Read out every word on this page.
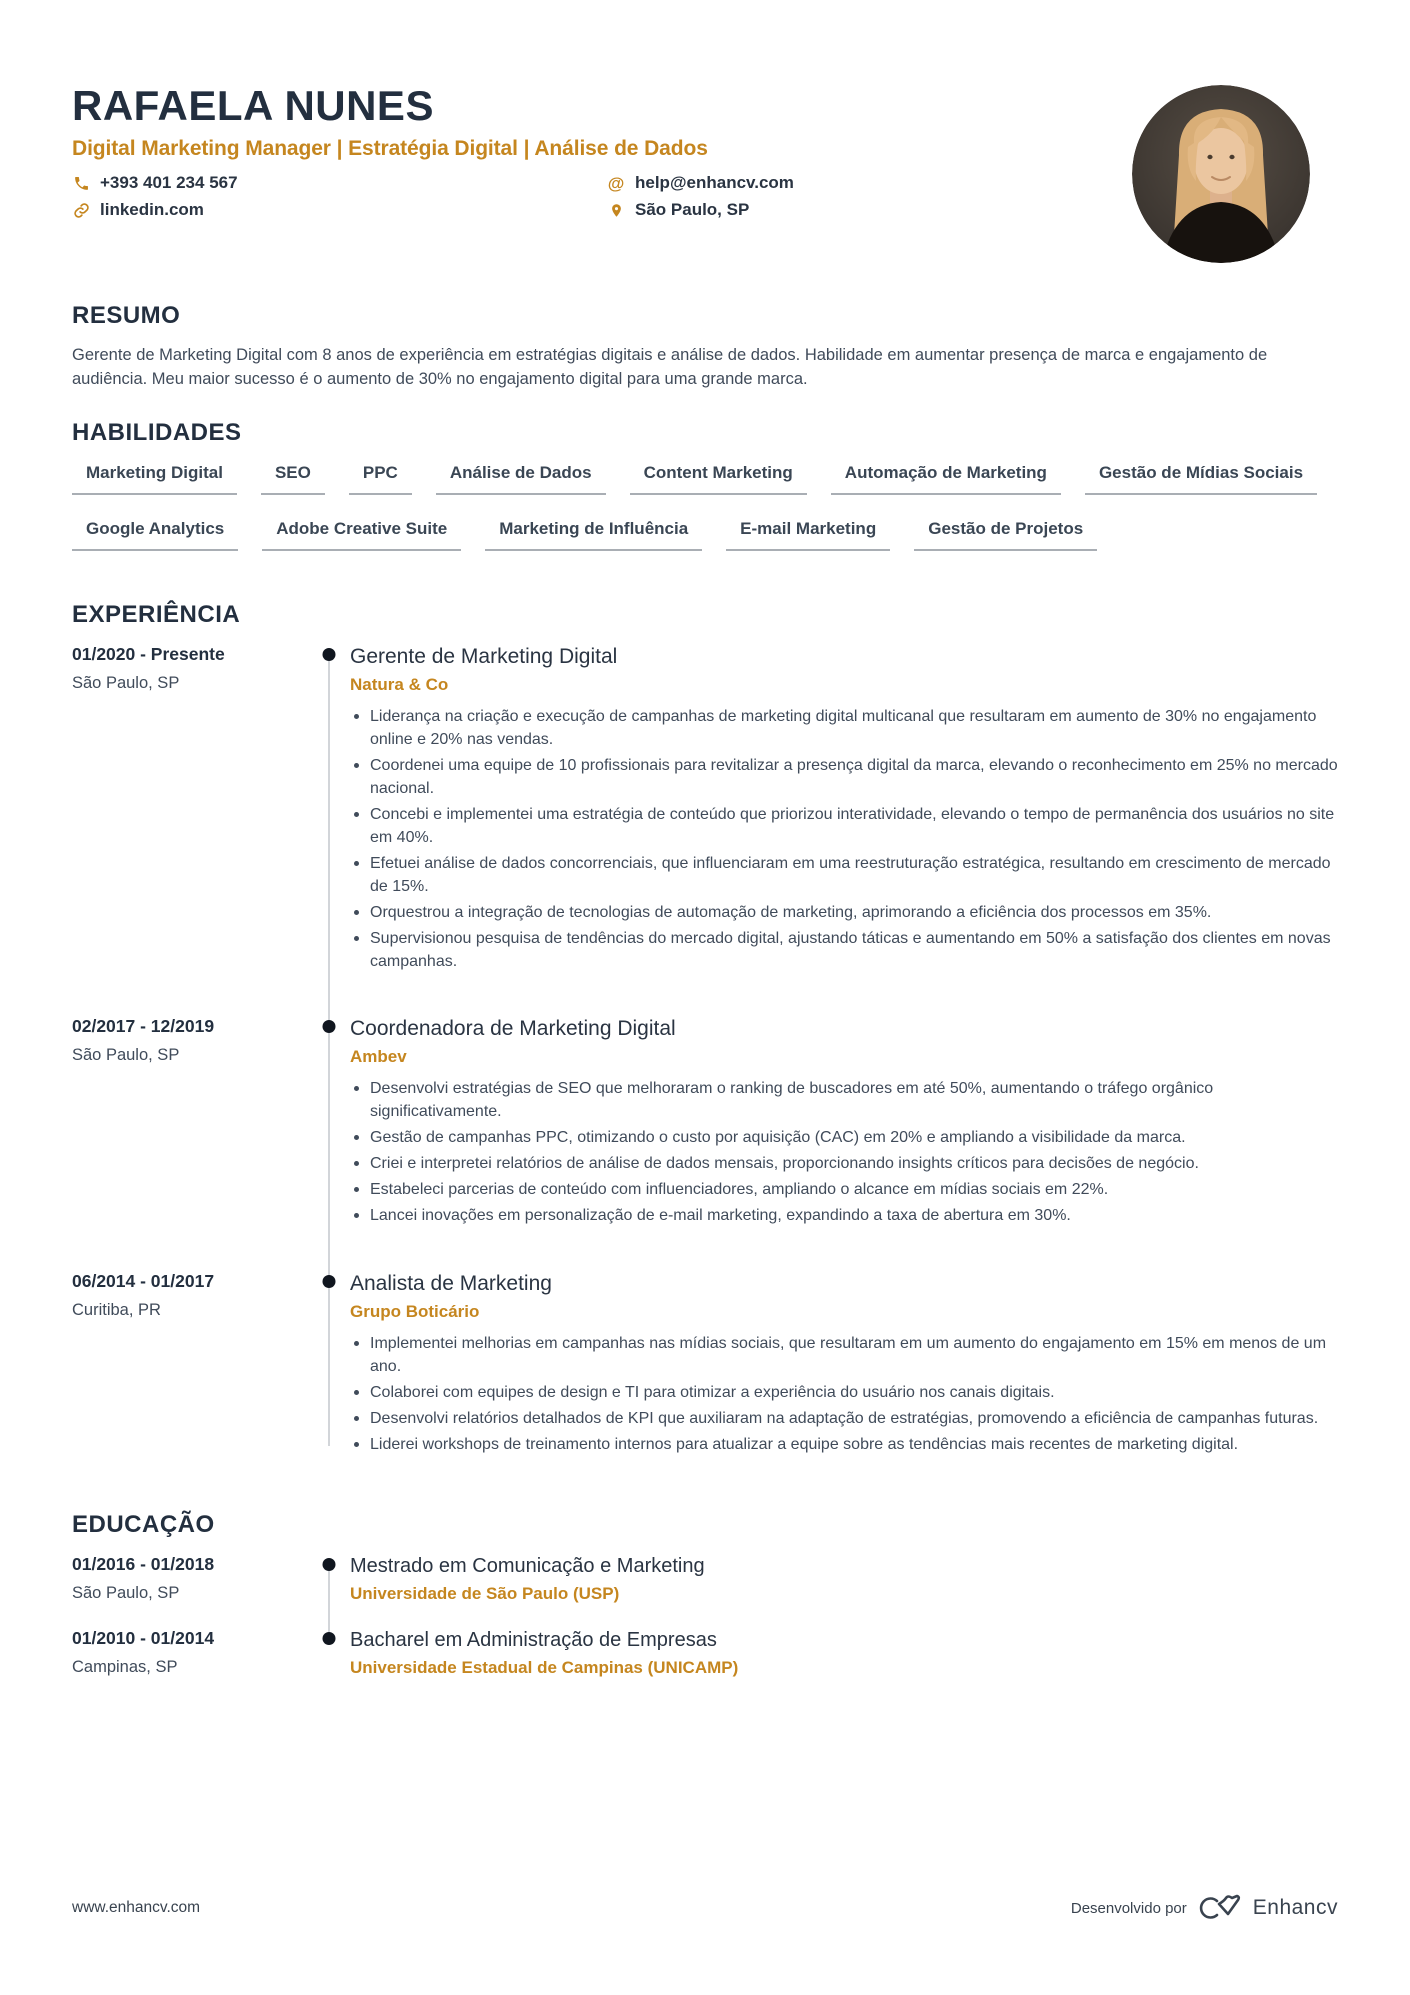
RAFAELA NUNES
Digital Marketing Manager | Estratégia Digital | Análise de Dados
+393 401 234 567	@ help@enhancv.com
linkedin.com	São Paulo, SP
RESUMO

Gerente de Marketing Digital com 8 anos de experiência em estratégias digitais e análise de dados. Habilidade em aumentar presença de marca e engajamento de audiência. Meu maior sucesso é o aumento de 30% no engajamento digital para uma grande marca.

HABILIDADES
Marketing Digital	SEO	PPC	Análise de Dados	Content Marketing	Automação de Marketing	Gestão de Mídias Sociais
Google Analytics	Adobe Creative Suite	Marketing de Influência	E-mail Marketing	Gestão de Projetos
EXPERIÊNCIA
01/2020 - Presente
São Paulo, SP
Gerente de Marketing Digital
Natura & Co
Liderança na criação e execução de campanhas de marketing digital multicanal que resultaram em aumento de 30% no engajamento online e 20% nas vendas.
Coordenei uma equipe de 10 profissionais para revitalizar a presença digital da marca, elevando o reconhecimento em 25% no mercado nacional.
Concebi e implementei uma estratégia de conteúdo que priorizou interatividade, elevando o tempo de permanência dos usuários no site em 40%.
Efetuei análise de dados concorrenciais, que influenciaram em uma reestruturação estratégica, resultando em crescimento de mercado de 15%.
Orquestrou a integração de tecnologias de automação de marketing, aprimorando a eficiência dos processos em 35%.
Supervisionou pesquisa de tendências do mercado digital, ajustando táticas e aumentando em 50% a satisfação dos clientes em novas campanhas.
02/2017 - 12/2019
São Paulo, SP
Coordenadora de Marketing Digital
Ambev
Desenvolvi estratégias de SEO que melhoraram o ranking de buscadores em até 50%, aumentando o tráfego orgânico significativamente.
Gestão de campanhas PPC, otimizando o custo por aquisição (CAC) em 20% e ampliando a visibilidade da marca.
Criei e interpretei relatórios de análise de dados mensais, proporcionando insights críticos para decisões de negócio.
Estabeleci parcerias de conteúdo com influenciadores, ampliando o alcance em mídias sociais em 22%.
Lancei inovações em personalização de e-mail marketing, expandindo a taxa de abertura em 30%.
06/2014 - 01/2017
Curitiba, PR
Analista de Marketing
Grupo Boticário
Implementei melhorias em campanhas nas mídias sociais, que resultaram em um aumento do engajamento em 15% em menos de um ano.
Colaborei com equipes de design e TI para otimizar a experiência do usuário nos canais digitais.
Desenvolvi relatórios detalhados de KPI que auxiliaram na adaptação de estratégias, promovendo a eficiência de campanhas futuras.
Liderei workshops de treinamento internos para atualizar a equipe sobre as tendências mais recentes de marketing digital.
EDUCAÇÃO
01/2016 - 01/2018
São Paulo, SP
Mestrado em Comunicação e Marketing
Universidade de São Paulo (USP)
01/2010 - 01/2014
Campinas, SP
Bacharel em Administração de Empresas
Universidade Estadual de Campinas (UNICAMP)
www.enhancv.com	Desenvolvido por	Enhancv
